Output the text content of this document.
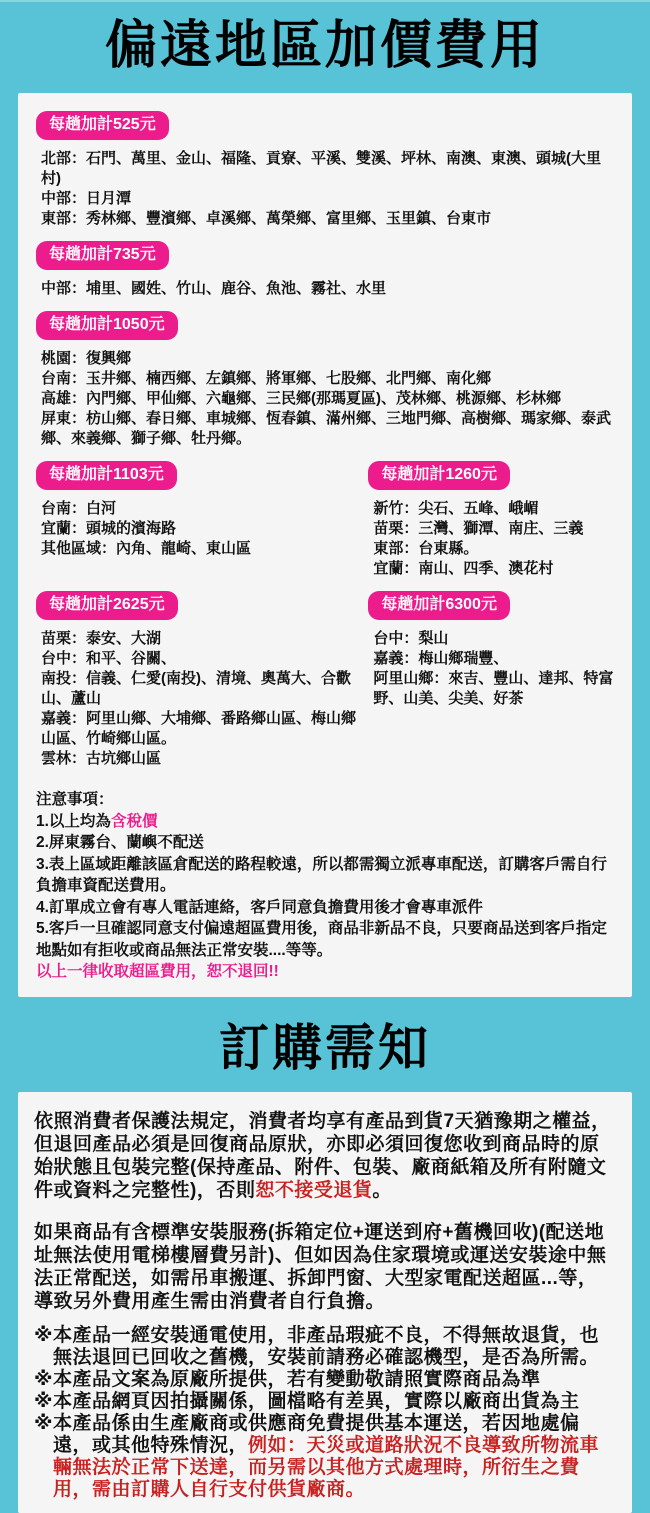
偏遠地區加價費用
每趟加計525元
北部：石門、萬里、金山、福隆、貢寮、平溪、雙溪、坪林、南澳、東澳、頭城(大里村)
中部：日月潭
東部：秀林鄉、豐濱鄉、卓溪鄉、萬榮鄉、富里鄉、玉里鎮、台東市
每趟加計735元
中部：埔里、國姓、竹山、鹿谷、魚池、霧社、水里
每趟加計1050元
桃園：復興鄉
台南：玉井鄉、楠西鄉、左鎮鄉、將軍鄉、七股鄉、北門鄉、南化鄉
高雄：內門鄉、甲仙鄉、六龜鄉、三民鄉(那瑪夏區)、茂林鄉、桃源鄉、杉林鄉
屏東：枋山鄉、春日鄉、車城鄉、恆春鎮、滿州鄉、三地門鄉、高樹鄉、瑪家鄉、泰武鄉、來義鄉、獅子鄉、牡丹鄉。
每趟加計1103元
台南：白河
宜蘭：頭城的濱海路
其他區域：內角、龍崎、東山區
每趟加計1260元
新竹：尖石、五峰、峨嵋
苗栗：三灣、獅潭、南庄、三義
東部：台東縣。
宜蘭：南山、四季、澳花村
每趟加計2625元
苗栗：泰安、大湖
台中：和平、谷關、
南投：信義、仁愛(南投)、清境、奧萬大、合歡山、蘆山
嘉義：阿里山鄉、大埔鄉、番路鄉山區、梅山鄉山區、竹崎鄉山區。
雲林：古坑鄉山區
每趟加計6300元
台中：梨山
嘉義：梅山鄉瑞豐、
阿里山鄉：來吉、豐山、達邦、特富野、山美、尖美、好茶
注意事項：
1.以上均為含稅價
2.屏東霧台、蘭嶼不配送
3.表上區域距離該區倉配送的路程較遠，所以都需獨立派專車配送，訂購客戶需自行負擔車資配送費用。
4.訂單成立會有專人電話連絡，客戶同意負擔費用後才會專車派件
5.客戶一旦確認同意支付偏遠超區費用後，商品非新品不良，只要商品送到客戶指定地點如有拒收或商品無法正常安裝....等等。
以上一律收取超區費用，恕不退回!!
訂購需知

依照消費者保護法規定，消費者均享有產品到貨7天猶豫期之權益，但退回產品必須是回復商品原狀，亦即必須回復您收到商品時的原始狀態且包裝完整(保持產品、附件、包裝、廠商紙箱及所有附隨文件或資料之完整性)，否則恕不接受退貨。

如果商品有含標準安裝服務(拆箱定位+運送到府+舊機回收)(配送地址無法使用電梯樓層費另計)、但如因為住家環境或運送安裝途中無法正常配送，如需吊車搬運、拆卸門窗、大型家電配送超區...等，導致另外費用產生需由消費者自行負擔。

※本產品一經安裝通電使用，非產品瑕疵不良，不得無故退貨，也無法退回已回收之舊機，安裝前請務必確認機型，是否為所需。
※本產品文案為原廠所提供，若有變動敬請照實際商品為準
※本產品網頁因拍攝關係，圖檔略有差異，實際以廠商出貨為主
※本產品係由生產廠商或供應商免費提供基本運送，若因地處偏遠，或其他特殊情況，例如：天災或道路狀況不良導致所物流車輛無法於正常下送達，而另需以其他方式處理時，所衍生之費用，需由訂購人自行支付供貨廠商。
